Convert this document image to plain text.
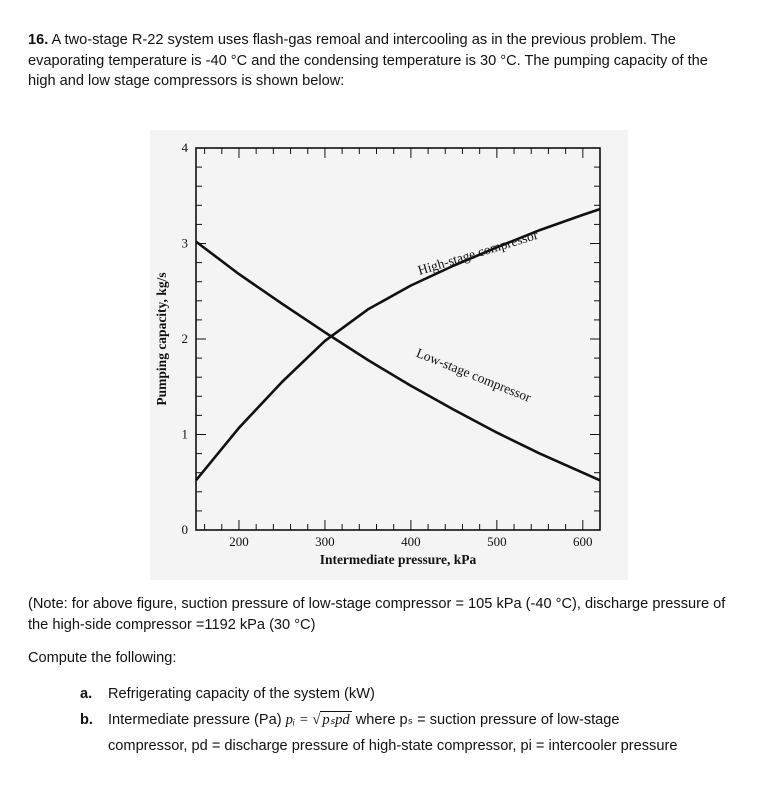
16. A two-stage R-22 system uses flash-gas remoal and intercooling as in the previous problem. The evaporating temperature is -40 °C and the condensing temperature is 30 °C. The pumping capacity of the high and low stage compressors is shown below:
200	300	400	500	600
0
1
2
3
4
Intermediate pressure, kPa
Pumping capacity, kg/s
High-stage compressor
Low-stage compressor
(Note: for above figure, suction pressure of low-stage compressor = 105 kPa (-40 °C), discharge pressure of the high-side compressor =1192 kPa (30 °C)
Compute the following:
a.	Refrigerating capacity of the system (kW)
b.	Intermediate pressure (Pa) pᵢ = √ pₛpd where pₛ = suction pressure of low-stage
compressor, pd = discharge pressure of high-state compressor, pi = intercooler pressure
